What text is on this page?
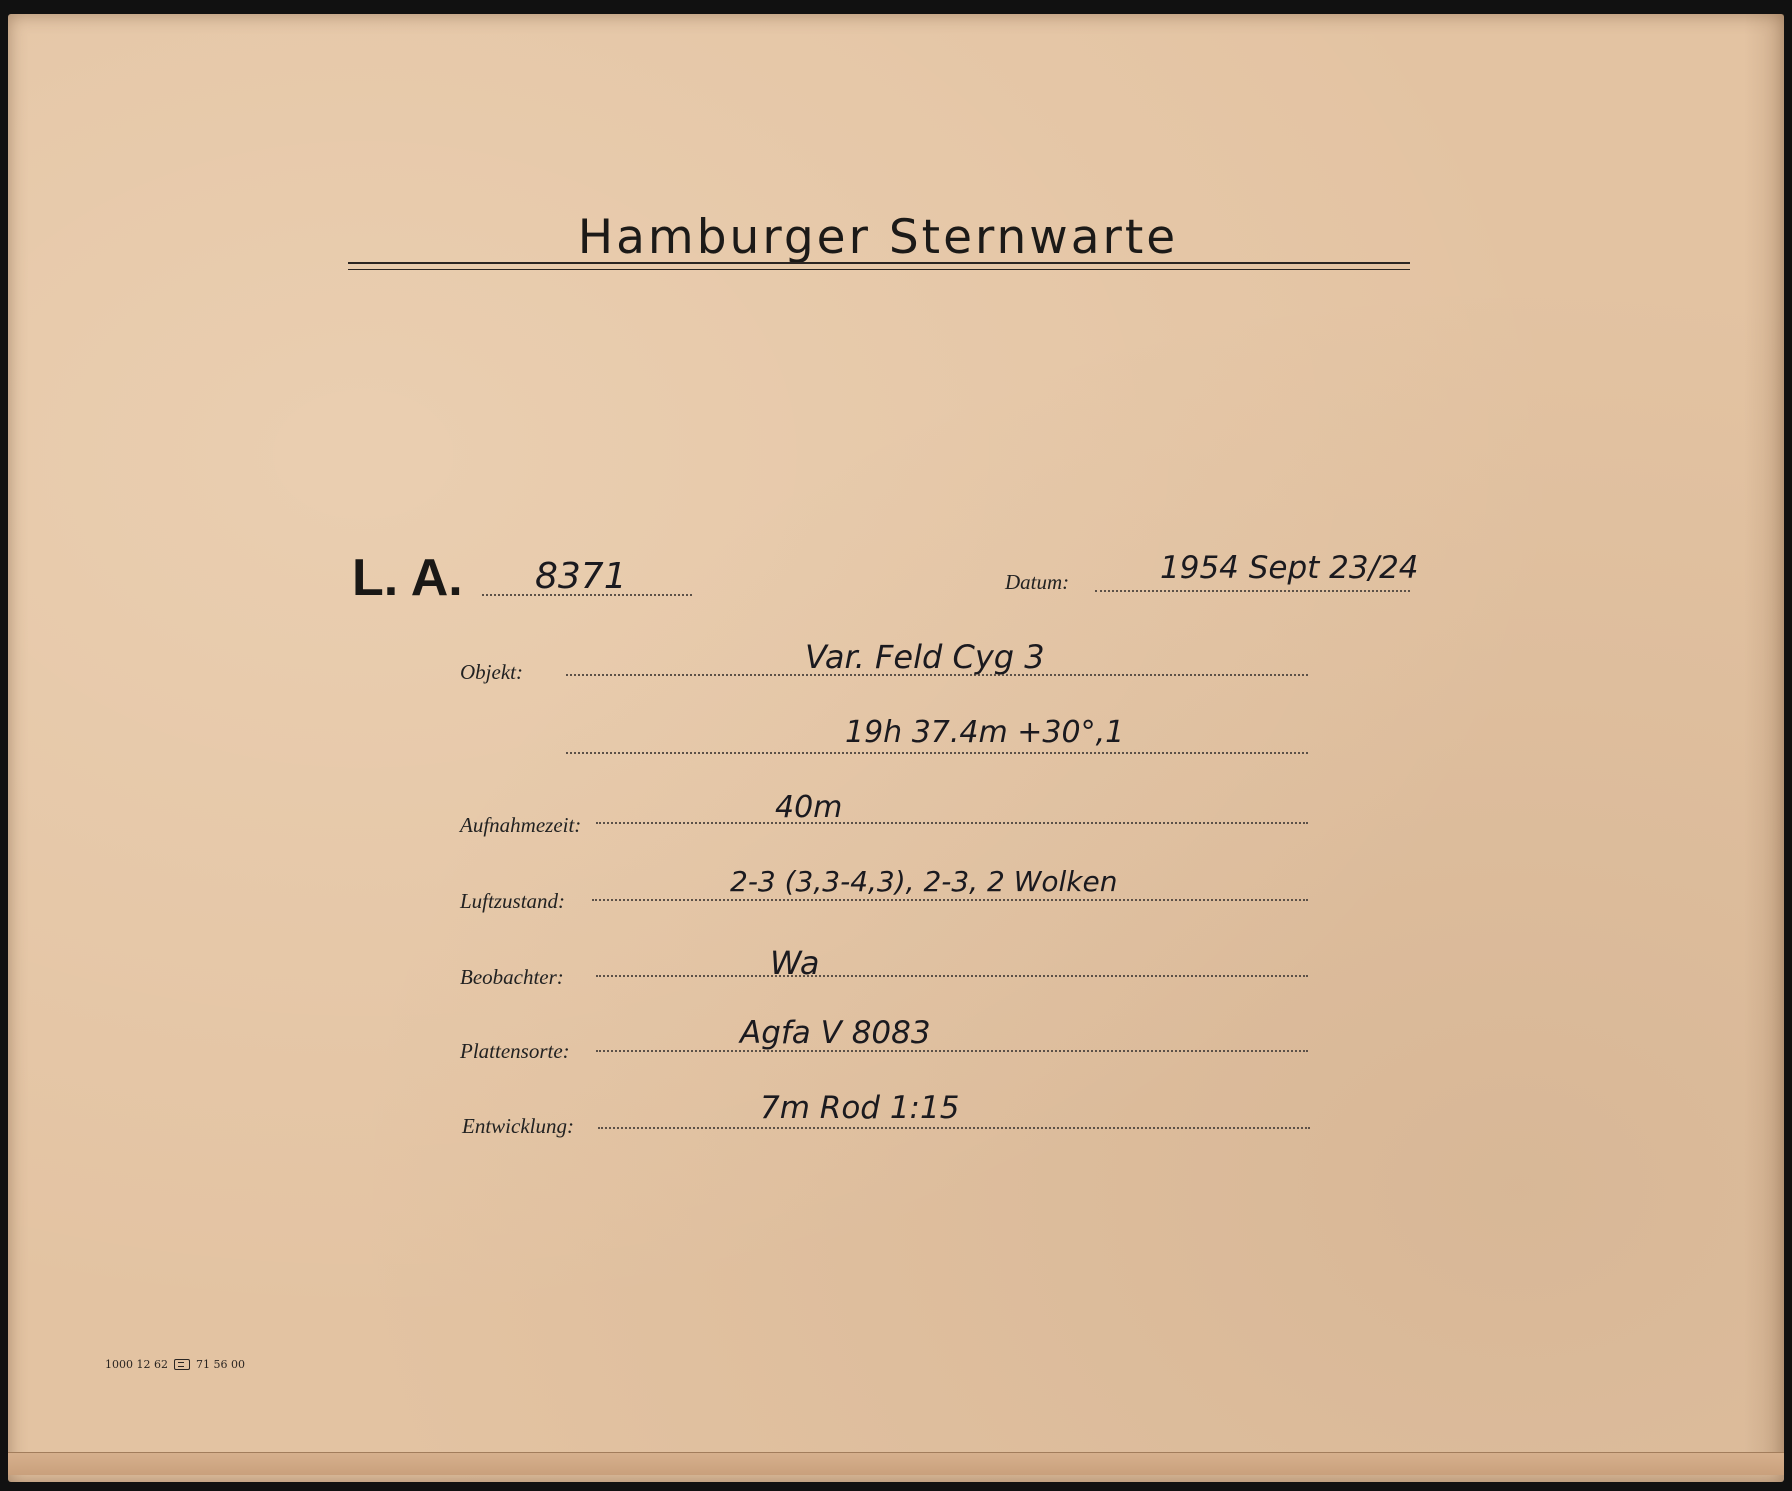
Hamburger Sternwarte
L. A. 8371	Datum:	1954 Sept 23/24
Objekt:	Var. Feld Cyg 3
19h 37.4m +30°,1
Aufnahmezeit:	40m
Luftzustand:
2-3 (3,3-4,3), 2-3, 2 Wolken
Beobachter:	Wa
Plattensorte:	Agfa V 8083
Entwicklung:	7m Rod 1:15
1000 12 62	71 56 00
